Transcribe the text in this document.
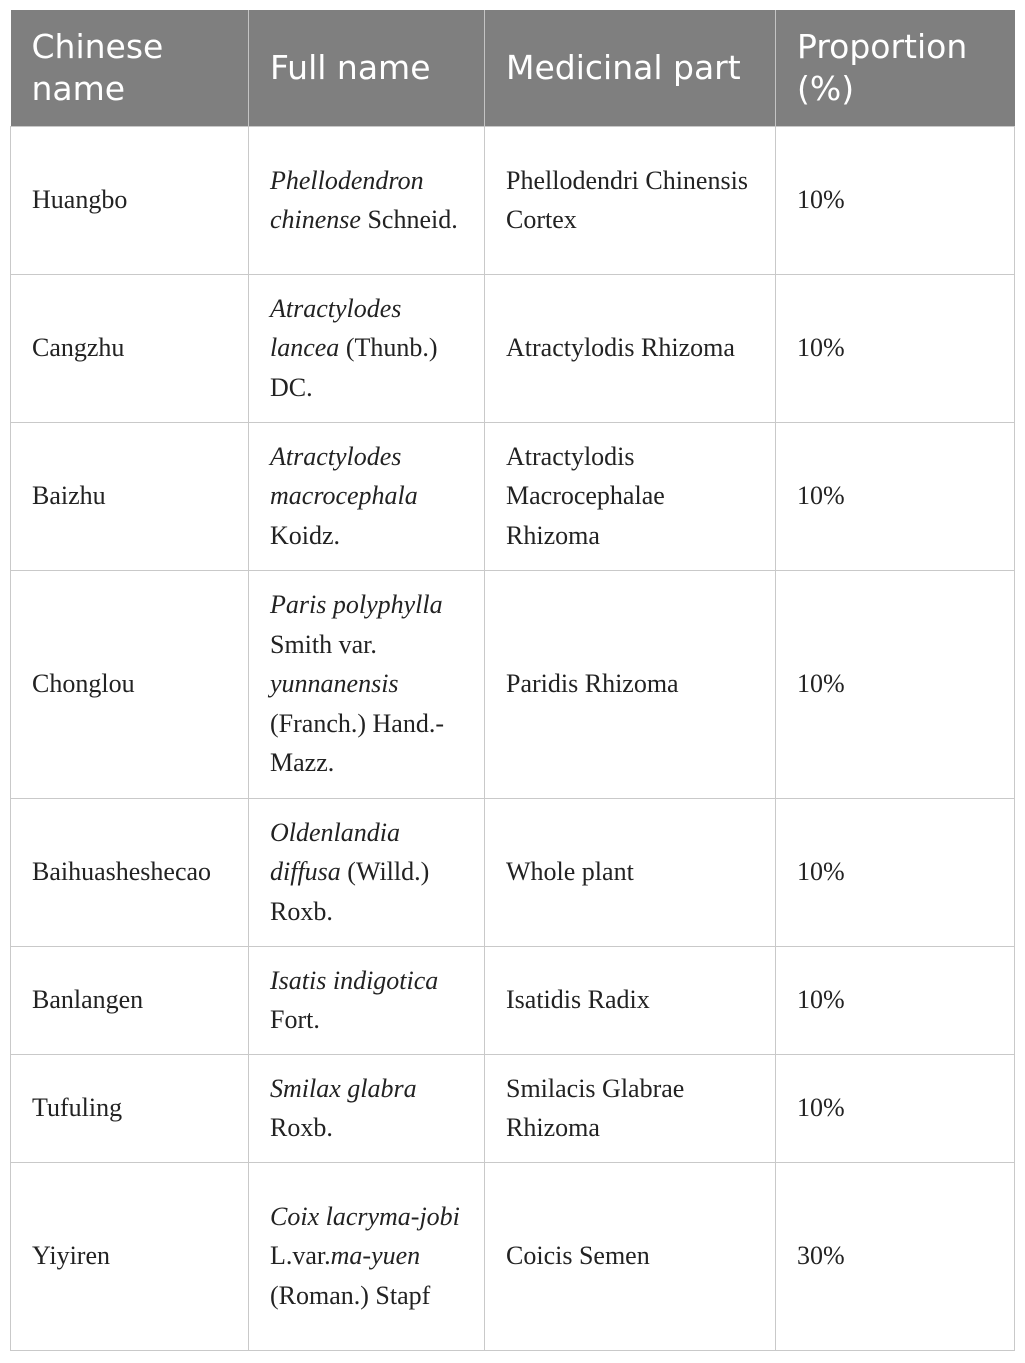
Chinese name	Full name	Medicinal part	Proportion (%)
Huangbo	Phellodendron chinense Schneid.	Phellodendri Chinensis Cortex	10%
Cangzhu	Atractylodes lancea (Thunb.) DC.	Atractylodis Rhizoma	10%
Baizhu	Atractylodes macrocephala Koidz.	Atractylodis Macrocephalae Rhizoma	10%
Chonglou	Paris polyphylla Smith var. yunnanensis (Franch.) Hand.-Mazz.	Paridis Rhizoma	10%
Baihuasheshecao	Oldenlandia diffusa (Willd.) Roxb.	Whole plant	10%
Banlangen	Isatis indigotica Fort.	Isatidis Radix	10%
Tufuling	Smilax glabra Roxb.	Smilacis Glabrae Rhizoma	10%
Yiyiren	Coix lacryma-jobi L.var.ma-yuen (Roman.) Stapf	Coicis Semen	30%
